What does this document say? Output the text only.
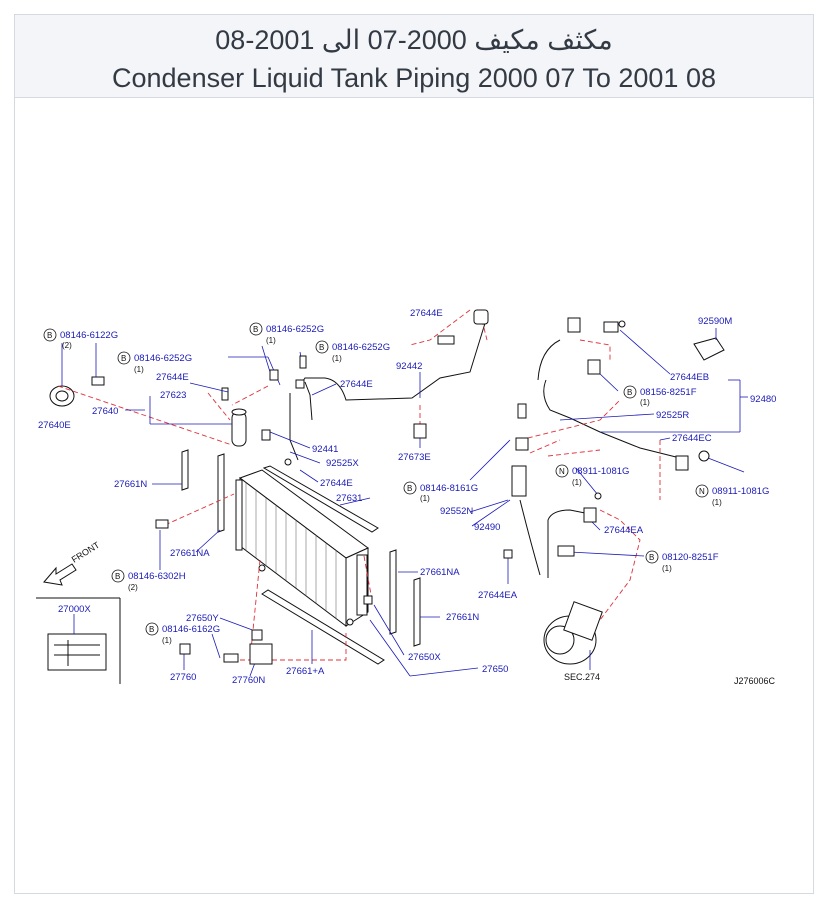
مكثف مكيف 2000-07 الى 2001-08
Condenser Liquid Tank Piping 2000 07 To 2001 08
FRONT
B
B
B
B
B
B
B
B
B
N
N
27644E
08146-6122G
(2)
08146-6252G
(1)
08146-6252G
(1)
08146-6252G
(1)
27644E
27644E
27623
27640
27640E
92442
92441
92525X
27673E
27644E
27661N
27631
27661NA
08146-6302H
(2)
27000X
27650Y
08146-6162G
(1)
27760	27760N
27661+A
27650X
27650
27661NA
27661N
08146-8161G
(1)
92552N
92490
27644EA
27644EA
08120-8251F
(1)
08911-1081G
(1)
08911-1081G
(1)
92590M
27644EB
08156-8251F
(1)	92480
92525R
27644EC
SEC.274	J276006C
